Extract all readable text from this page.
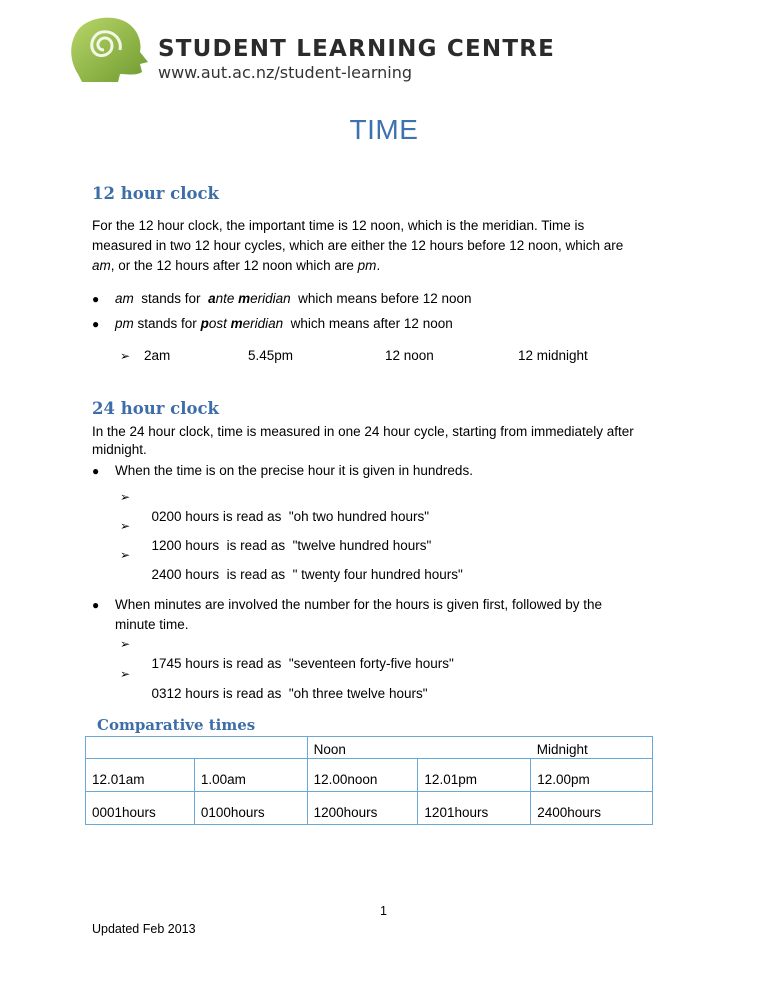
STUDENT LEARNING CENTRE
www.aut.ac.nz/student-learning
TIME
12 hour clock
For the 12 hour clock, the important time is 12 noon, which is the meridian. Time is
measured in two 12 hour cycles, which are either the 12 hours before 12 noon, which are
am, or the 12 hours after 12 noon which are pm.
● am  stands for  ante meridian  which means before 12 noon
● pm stands for post meridian  which means after 12 noon
➢ 2am	5.45pm	12 noon	12 midnight
24 hour clock
In the 24 hour clock, time is measured in one 24 hour cycle, starting from immediately after
midnight.
● When the time is on the precise hour it is given in hundreds.

➢
0200 hours is read as  "oh two hundred hours"

➢
1200 hours  is read as  "twelve hundred hours"

➢
2400 hours  is read as  " twenty four hundred hours"

● When minutes are involved the number for the hours is given first, followed by the
minute time.

➢
1745 hours is read as  "seventeen forty-five hours"

➢
0312 hours is read as  "oh three twelve hours"

Comparative times
		Noon		Midnight
12.01am	1.00am	12.00noon	12.01pm	12.00pm
0001hours	0100hours	1200hours	1201hours	2400hours
1
Updated Feb 2013
